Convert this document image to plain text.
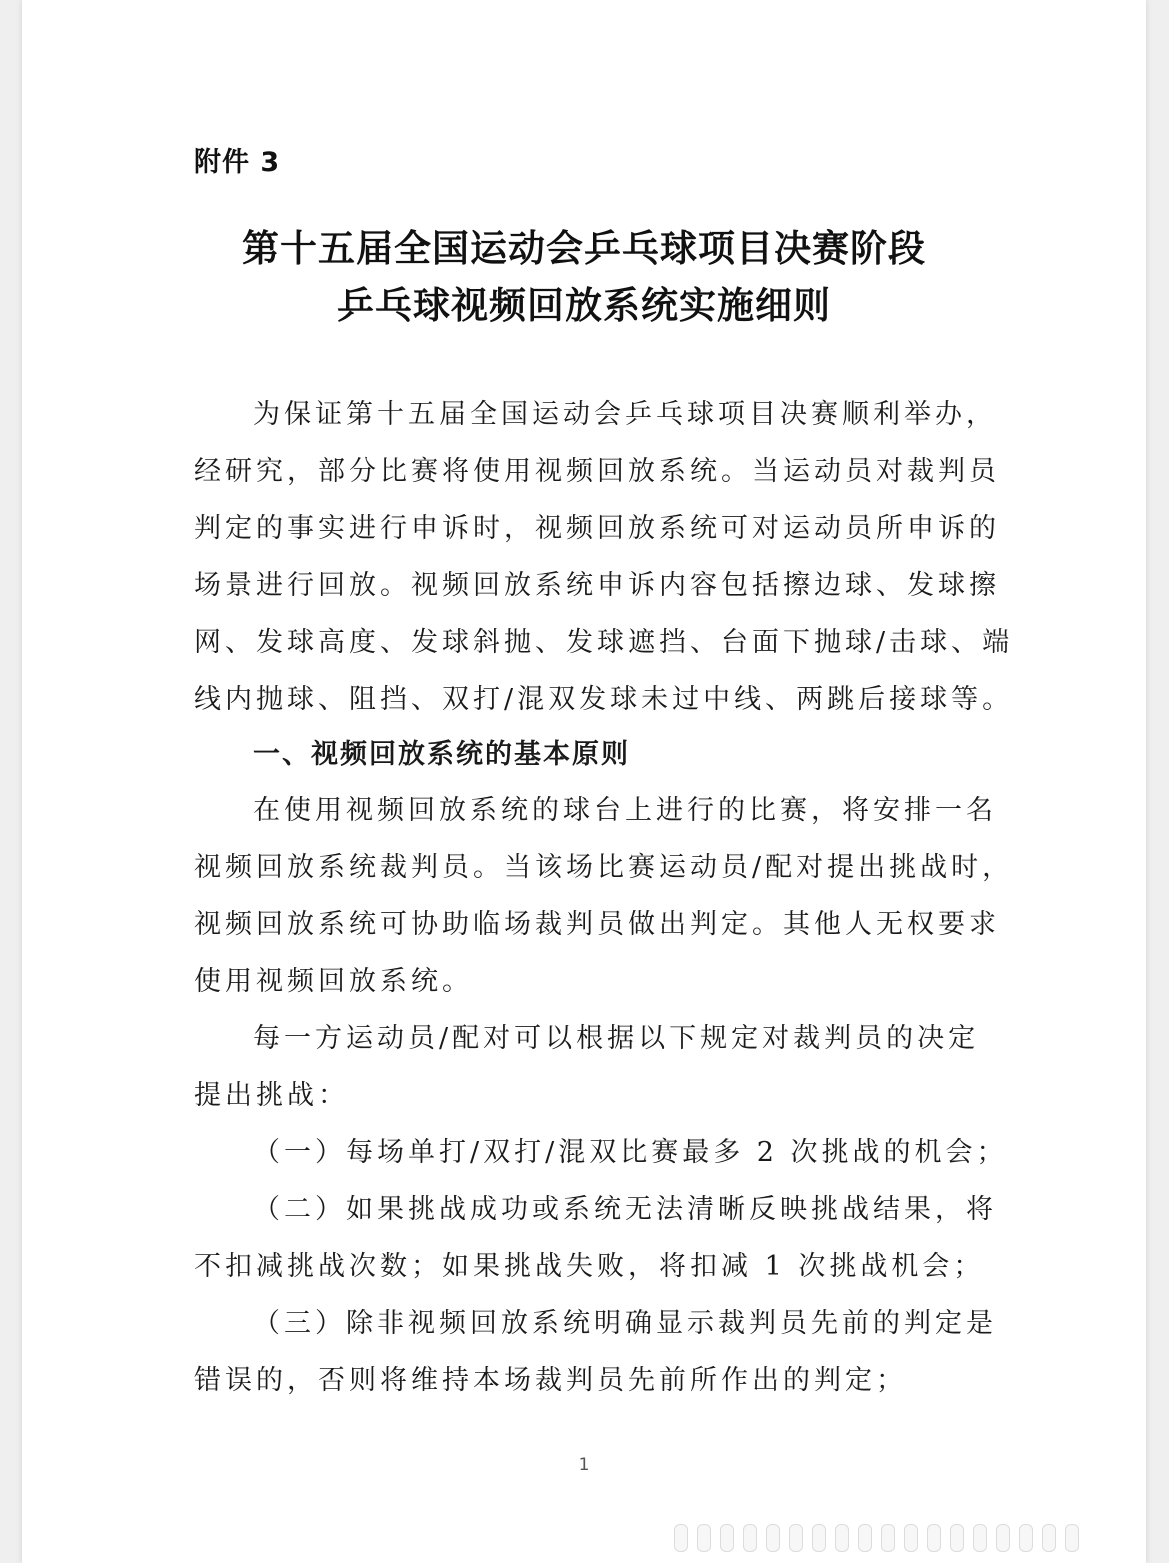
附件 3
第十五届全国运动会乒乓球项目决赛阶段
乒乓球视频回放系统实施细则
为保证第十五届全国运动会乒乓球项目决赛顺利举办，
经研究，部分比赛将使用视频回放系统。当运动员对裁判员
判定的事实进行申诉时，视频回放系统可对运动员所申诉的
场景进行回放。视频回放系统申诉内容包括擦边球、发球擦
网、发球高度、发球斜抛、发球遮挡、台面下抛球/击球、端
线内抛球、阻挡、双打/混双发球未过中线、两跳后接球等。
一、视频回放系统的基本原则
在使用视频回放系统的球台上进行的比赛，将安排一名
视频回放系统裁判员。当该场比赛运动员/配对提出挑战时，
视频回放系统可协助临场裁判员做出判定。其他人无权要求
使用视频回放系统。
每一方运动员/配对可以根据以下规定对裁判员的决定
提出挑战：
（一）每场单打/双打/混双比赛最多 2 次挑战的机会；
（二）如果挑战成功或系统无法清晰反映挑战结果，将
不扣减挑战次数；如果挑战失败，将扣减 1 次挑战机会；
（三）除非视频回放系统明确显示裁判员先前的判定是
错误的，否则将维持本场裁判员先前所作出的判定；
1
